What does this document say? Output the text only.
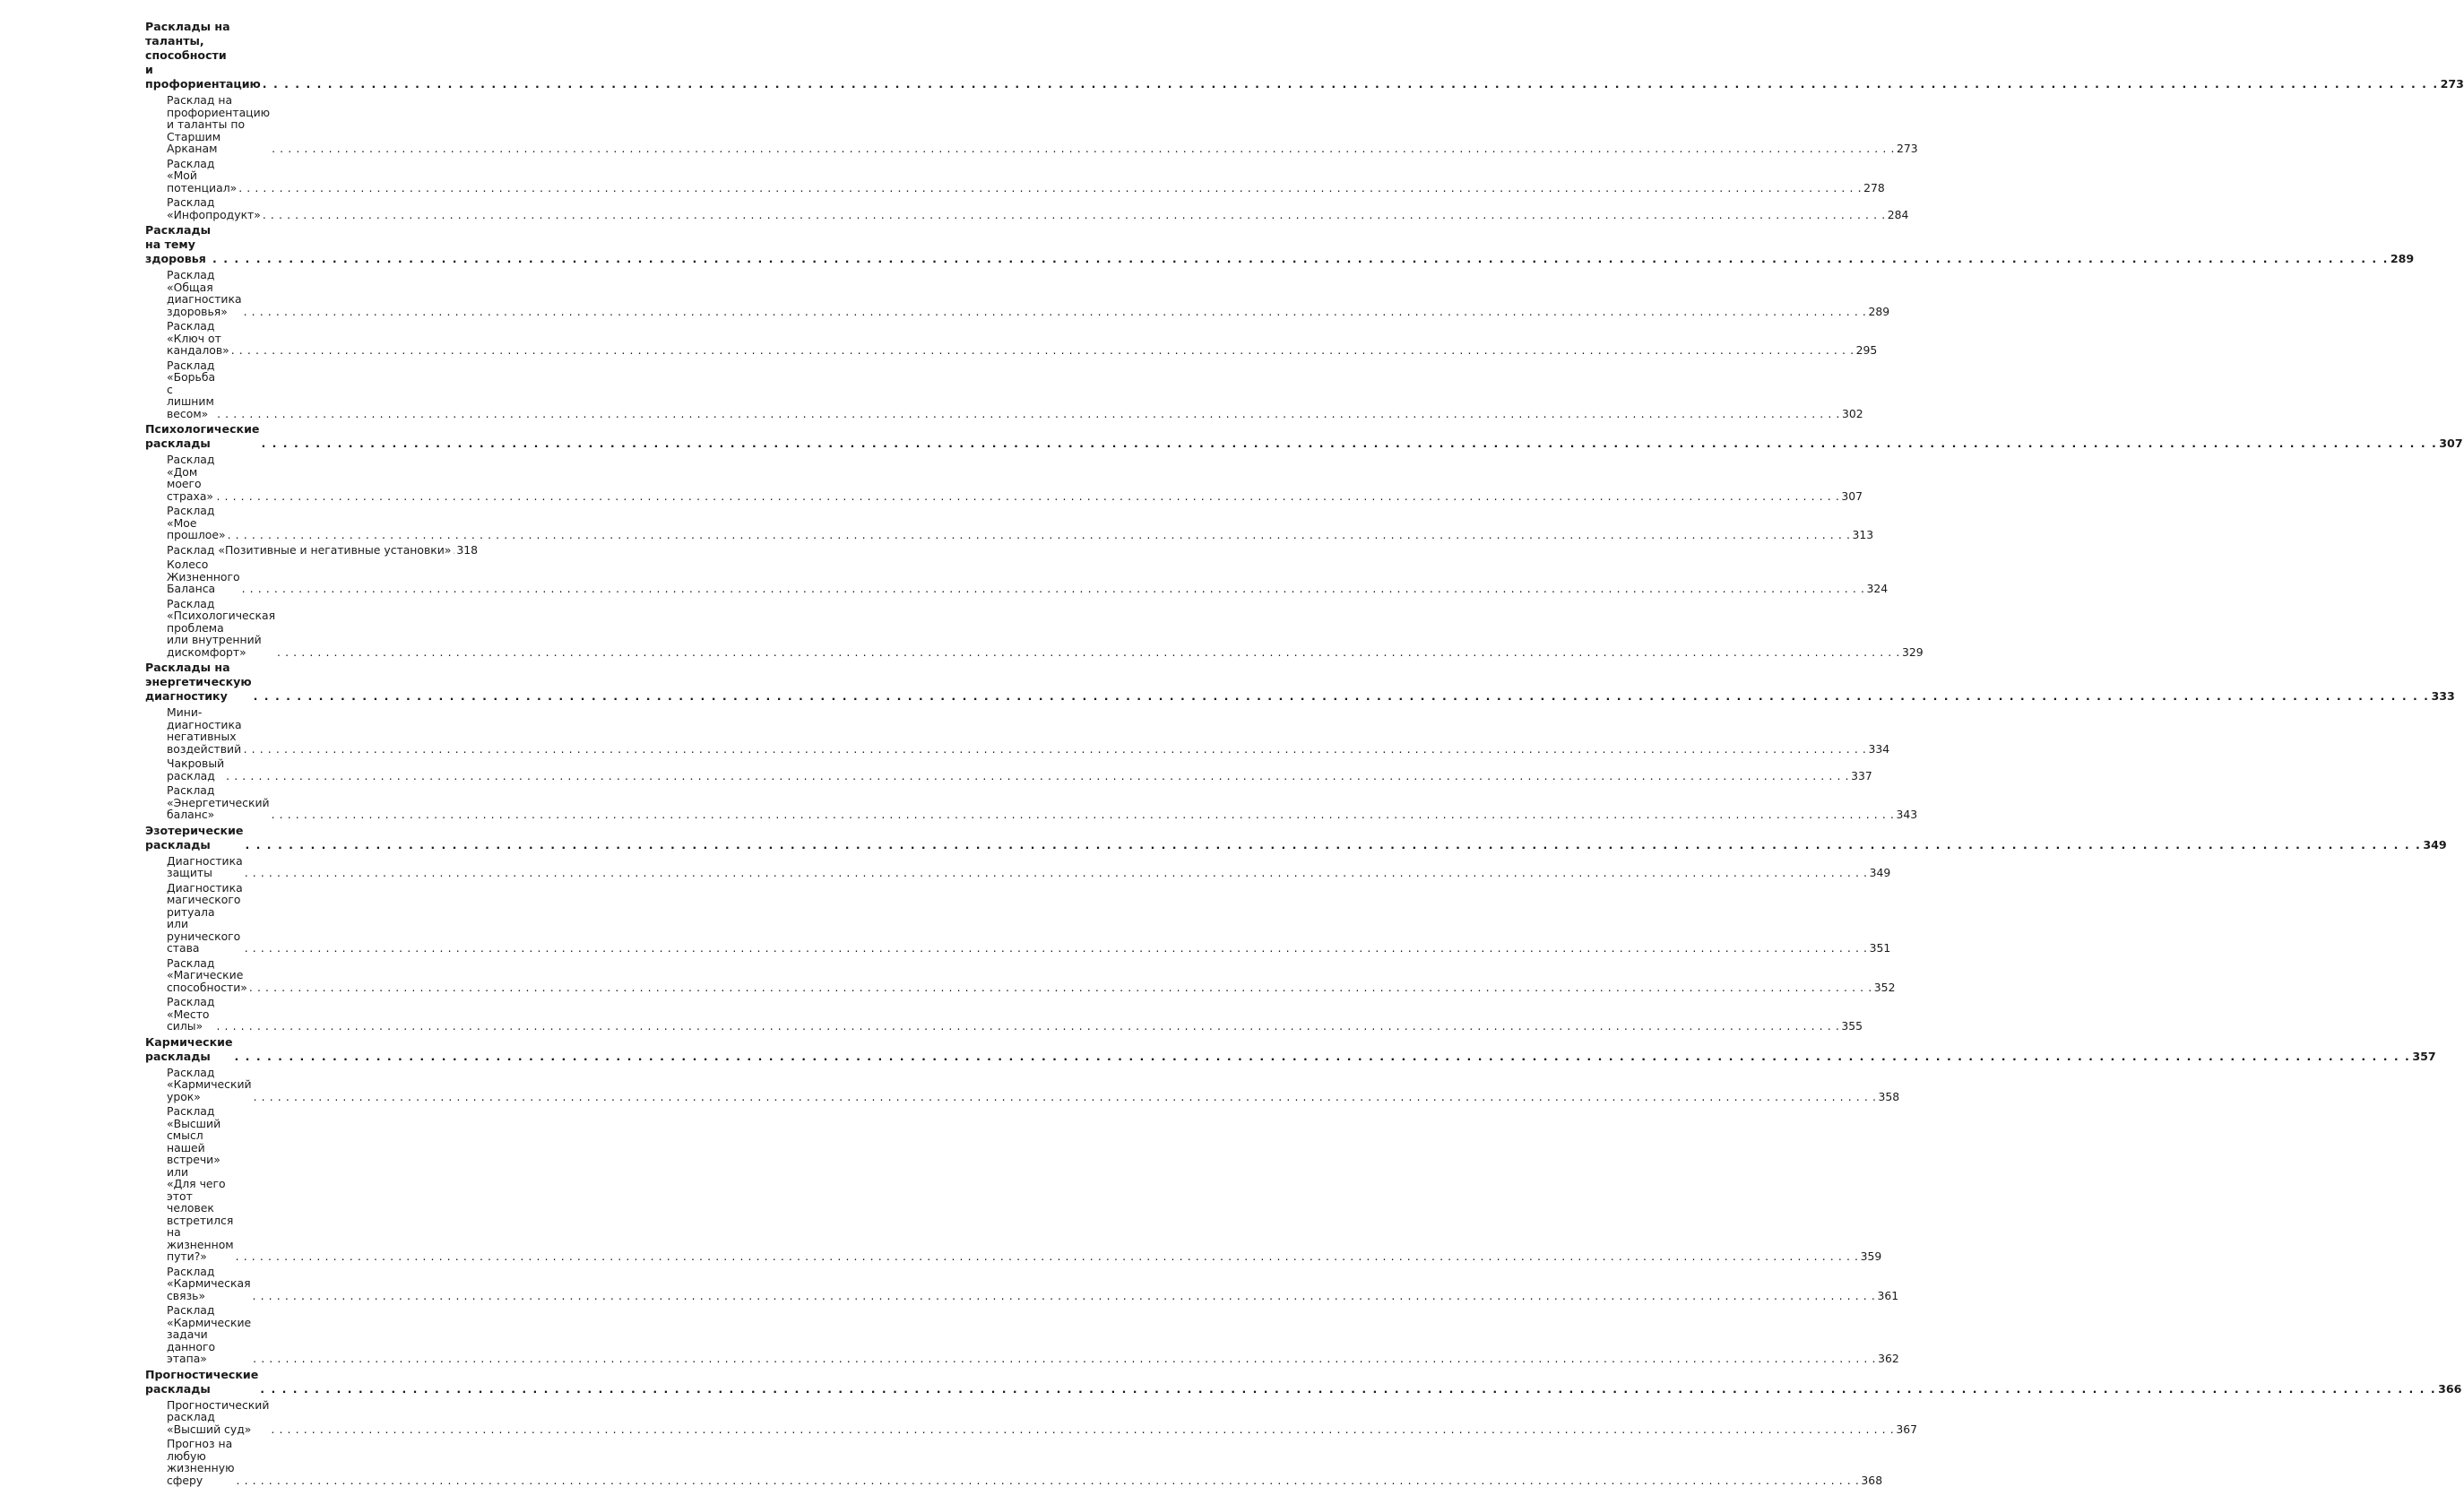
Расклады на таланты, способности
и профориентацию . . . . . . . . . . . . . . . . . . . . . . . . . . . . . . . . . . . . . . . . . . . . . . . . . . . . . . . . . . . . . . . . . . . . . . . . . . . . . . . . . . . . . . . . . . . . . . . . . . . . . . . . . . . . . . . . . . . . . . . . . . . . . . . . . . . . . . . . . . . . . . . . . . . . . . . . . . . . . . . . . . . . . . . . . . . . . . . . . . . . . . . . . . . . . . . . . . . . . . . . 273
Расклад на профориентацию
и таланты по Старшим Арканам	. . . . . . . . . . . . . . . . . . . . . . . . . . . . . . . . . . . . . . . . . . . . . . . . . . . . . . . . . . . . . . . . . . . . . . . . . . . . . . . . . . . . . . . . . . . . . . . . . . . . . . . . . . . . . . . . . . . . . . . . . . . . . . . . . . . . . . . . . . . . . . . . . . . . . . . . . . . . . . . . . . . . . . . . . . . . . . . . . . . . . . . . . . . . . . . . . . . . . . . . 273
Расклад «Мой потенциал» . . . . . . . . . . . . . . . . . . . . . . . . . . . . . . . . . . . . . . . . . . . . . . . . . . . . . . . . . . . . . . . . . . . . . . . . . . . . . . . . . . . . . . . . . . . . . . . . . . . . . . . . . . . . . . . . . . . . . . . . . . . . . . . . . . . . . . . . . . . . . . . . . . . . . . . . . . . . . . . . . . . . . . . . . . . . . . . . . . . . . . . . . . . . . . . . . . . . . . . . 278
Расклад «Инфопродукт» . . . . . . . . . . . . . . . . . . . . . . . . . . . . . . . . . . . . . . . . . . . . . . . . . . . . . . . . . . . . . . . . . . . . . . . . . . . . . . . . . . . . . . . . . . . . . . . . . . . . . . . . . . . . . . . . . . . . . . . . . . . . . . . . . . . . . . . . . . . . . . . . . . . . . . . . . . . . . . . . . . . . . . . . . . . . . . . . . . . . . . . . . . . . . . . . . . . . . . . . 284
Расклады на тему здоровья . . . . . . . . . . . . . . . . . . . . . . . . . . . . . . . . . . . . . . . . . . . . . . . . . . . . . . . . . . . . . . . . . . . . . . . . . . . . . . . . . . . . . . . . . . . . . . . . . . . . . . . . . . . . . . . . . . . . . . . . . . . . . . . . . . . . . . . . . . . . . . . . . . . . . . . . . . . . . . . . . . . . . . . . . . . . . . . . . . . . . . . . . . . . . . . . . . . . . . . . 289
Расклад «Общая диагностика здоровья»	. . . . . . . . . . . . . . . . . . . . . . . . . . . . . . . . . . . . . . . . . . . . . . . . . . . . . . . . . . . . . . . . . . . . . . . . . . . . . . . . . . . . . . . . . . . . . . . . . . . . . . . . . . . . . . . . . . . . . . . . . . . . . . . . . . . . . . . . . . . . . . . . . . . . . . . . . . . . . . . . . . . . . . . . . . . . . . . . . . . . . . . . . . . . . . . . . . . . . . . . 289
Расклад «Ключ от кандалов» . . . . . . . . . . . . . . . . . . . . . . . . . . . . . . . . . . . . . . . . . . . . . . . . . . . . . . . . . . . . . . . . . . . . . . . . . . . . . . . . . . . . . . . . . . . . . . . . . . . . . . . . . . . . . . . . . . . . . . . . . . . . . . . . . . . . . . . . . . . . . . . . . . . . . . . . . . . . . . . . . . . . . . . . . . . . . . . . . . . . . . . . . . . . . . . . . . . . . . . . 295
Расклад «Борьба с лишним весом» . . . . . . . . . . . . . . . . . . . . . . . . . . . . . . . . . . . . . . . . . . . . . . . . . . . . . . . . . . . . . . . . . . . . . . . . . . . . . . . . . . . . . . . . . . . . . . . . . . . . . . . . . . . . . . . . . . . . . . . . . . . . . . . . . . . . . . . . . . . . . . . . . . . . . . . . . . . . . . . . . . . . . . . . . . . . . . . . . . . . . . . . . . . . . . . . . . . . . . . . 302
Психологические расклады	. . . . . . . . . . . . . . . . . . . . . . . . . . . . . . . . . . . . . . . . . . . . . . . . . . . . . . . . . . . . . . . . . . . . . . . . . . . . . . . . . . . . . . . . . . . . . . . . . . . . . . . . . . . . . . . . . . . . . . . . . . . . . . . . . . . . . . . . . . . . . . . . . . . . . . . . . . . . . . . . . . . . . . . . . . . . . . . . . . . . . . . . . . . . . . . . . . . . . . . . 307
Расклад «Дом моего страха» . . . . . . . . . . . . . . . . . . . . . . . . . . . . . . . . . . . . . . . . . . . . . . . . . . . . . . . . . . . . . . . . . . . . . . . . . . . . . . . . . . . . . . . . . . . . . . . . . . . . . . . . . . . . . . . . . . . . . . . . . . . . . . . . . . . . . . . . . . . . . . . . . . . . . . . . . . . . . . . . . . . . . . . . . . . . . . . . . . . . . . . . . . . . . . . . . . . . . . . . 307
Расклад «Мое прошлое» . . . . . . . . . . . . . . . . . . . . . . . . . . . . . . . . . . . . . . . . . . . . . . . . . . . . . . . . . . . . . . . . . . . . . . . . . . . . . . . . . . . . . . . . . . . . . . . . . . . . . . . . . . . . . . . . . . . . . . . . . . . . . . . . . . . . . . . . . . . . . . . . . . . . . . . . . . . . . . . . . . . . . . . . . . . . . . . . . . . . . . . . . . . . . . . . . . . . . . . . 313
Расклад «Позитивные и негативные установки» 318
Колесо Жизненного Баланса	. . . . . . . . . . . . . . . . . . . . . . . . . . . . . . . . . . . . . . . . . . . . . . . . . . . . . . . . . . . . . . . . . . . . . . . . . . . . . . . . . . . . . . . . . . . . . . . . . . . . . . . . . . . . . . . . . . . . . . . . . . . . . . . . . . . . . . . . . . . . . . . . . . . . . . . . . . . . . . . . . . . . . . . . . . . . . . . . . . . . . . . . . . . . . . . . . . . . . . . . 324
Расклад «Психологическая проблема
или внутренний дискомфорт»	. . . . . . . . . . . . . . . . . . . . . . . . . . . . . . . . . . . . . . . . . . . . . . . . . . . . . . . . . . . . . . . . . . . . . . . . . . . . . . . . . . . . . . . . . . . . . . . . . . . . . . . . . . . . . . . . . . . . . . . . . . . . . . . . . . . . . . . . . . . . . . . . . . . . . . . . . . . . . . . . . . . . . . . . . . . . . . . . . . . . . . . . . . . . . . . . . . . . . . . . 329
Расклады на энергетическую диагностику	. . . . . . . . . . . . . . . . . . . . . . . . . . . . . . . . . . . . . . . . . . . . . . . . . . . . . . . . . . . . . . . . . . . . . . . . . . . . . . . . . . . . . . . . . . . . . . . . . . . . . . . . . . . . . . . . . . . . . . . . . . . . . . . . . . . . . . . . . . . . . . . . . . . . . . . . . . . . . . . . . . . . . . . . . . . . . . . . . . . . . . . . . . . . . . . . . . . . . . . . 333
Мини-диагностика негативных воздействий . . . . . . . . . . . . . . . . . . . . . . . . . . . . . . . . . . . . . . . . . . . . . . . . . . . . . . . . . . . . . . . . . . . . . . . . . . . . . . . . . . . . . . . . . . . . . . . . . . . . . . . . . . . . . . . . . . . . . . . . . . . . . . . . . . . . . . . . . . . . . . . . . . . . . . . . . . . . . . . . . . . . . . . . . . . . . . . . . . . . . . . . . . . . . . . . . . . . . . . . 334
Чакровый расклад . . . . . . . . . . . . . . . . . . . . . . . . . . . . . . . . . . . . . . . . . . . . . . . . . . . . . . . . . . . . . . . . . . . . . . . . . . . . . . . . . . . . . . . . . . . . . . . . . . . . . . . . . . . . . . . . . . . . . . . . . . . . . . . . . . . . . . . . . . . . . . . . . . . . . . . . . . . . . . . . . . . . . . . . . . . . . . . . . . . . . . . . . . . . . . . . . . . . . . . . 337
Расклад «Энергетический баланс»	. . . . . . . . . . . . . . . . . . . . . . . . . . . . . . . . . . . . . . . . . . . . . . . . . . . . . . . . . . . . . . . . . . . . . . . . . . . . . . . . . . . . . . . . . . . . . . . . . . . . . . . . . . . . . . . . . . . . . . . . . . . . . . . . . . . . . . . . . . . . . . . . . . . . . . . . . . . . . . . . . . . . . . . . . . . . . . . . . . . . . . . . . . . . . . . . . . . . . . . . 343
Эзотерические расклады	. . . . . . . . . . . . . . . . . . . . . . . . . . . . . . . . . . . . . . . . . . . . . . . . . . . . . . . . . . . . . . . . . . . . . . . . . . . . . . . . . . . . . . . . . . . . . . . . . . . . . . . . . . . . . . . . . . . . . . . . . . . . . . . . . . . . . . . . . . . . . . . . . . . . . . . . . . . . . . . . . . . . . . . . . . . . . . . . . . . . . . . . . . . . . . . . . . . . . . . . 349
Диагностика защиты	. . . . . . . . . . . . . . . . . . . . . . . . . . . . . . . . . . . . . . . . . . . . . . . . . . . . . . . . . . . . . . . . . . . . . . . . . . . . . . . . . . . . . . . . . . . . . . . . . . . . . . . . . . . . . . . . . . . . . . . . . . . . . . . . . . . . . . . . . . . . . . . . . . . . . . . . . . . . . . . . . . . . . . . . . . . . . . . . . . . . . . . . . . . . . . . . . . . . . . . . 349
Диагностика магического ритуала
или рунического става	. . . . . . . . . . . . . . . . . . . . . . . . . . . . . . . . . . . . . . . . . . . . . . . . . . . . . . . . . . . . . . . . . . . . . . . . . . . . . . . . . . . . . . . . . . . . . . . . . . . . . . . . . . . . . . . . . . . . . . . . . . . . . . . . . . . . . . . . . . . . . . . . . . . . . . . . . . . . . . . . . . . . . . . . . . . . . . . . . . . . . . . . . . . . . . . . . . . . . . . . 351
Расклад «Магические способности» . . . . . . . . . . . . . . . . . . . . . . . . . . . . . . . . . . . . . . . . . . . . . . . . . . . . . . . . . . . . . . . . . . . . . . . . . . . . . . . . . . . . . . . . . . . . . . . . . . . . . . . . . . . . . . . . . . . . . . . . . . . . . . . . . . . . . . . . . . . . . . . . . . . . . . . . . . . . . . . . . . . . . . . . . . . . . . . . . . . . . . . . . . . . . . . . . . . . . . . . 352
Расклад «Место силы»	. . . . . . . . . . . . . . . . . . . . . . . . . . . . . . . . . . . . . . . . . . . . . . . . . . . . . . . . . . . . . . . . . . . . . . . . . . . . . . . . . . . . . . . . . . . . . . . . . . . . . . . . . . . . . . . . . . . . . . . . . . . . . . . . . . . . . . . . . . . . . . . . . . . . . . . . . . . . . . . . . . . . . . . . . . . . . . . . . . . . . . . . . . . . . . . . . . . . . . . . 355
Кармические расклады	. . . . . . . . . . . . . . . . . . . . . . . . . . . . . . . . . . . . . . . . . . . . . . . . . . . . . . . . . . . . . . . . . . . . . . . . . . . . . . . . . . . . . . . . . . . . . . . . . . . . . . . . . . . . . . . . . . . . . . . . . . . . . . . . . . . . . . . . . . . . . . . . . . . . . . . . . . . . . . . . . . . . . . . . . . . . . . . . . . . . . . . . . . . . . . . . . . . . . . . . 357
Расклад «Кармический урок»	. . . . . . . . . . . . . . . . . . . . . . . . . . . . . . . . . . . . . . . . . . . . . . . . . . . . . . . . . . . . . . . . . . . . . . . . . . . . . . . . . . . . . . . . . . . . . . . . . . . . . . . . . . . . . . . . . . . . . . . . . . . . . . . . . . . . . . . . . . . . . . . . . . . . . . . . . . . . . . . . . . . . . . . . . . . . . . . . . . . . . . . . . . . . . . . . . . . . . . . . 358
Расклад «Высший смысл нашей встречи» или
«Для чего этот человек встретился
на жизненном пути?»	. . . . . . . . . . . . . . . . . . . . . . . . . . . . . . . . . . . . . . . . . . . . . . . . . . . . . . . . . . . . . . . . . . . . . . . . . . . . . . . . . . . . . . . . . . . . . . . . . . . . . . . . . . . . . . . . . . . . . . . . . . . . . . . . . . . . . . . . . . . . . . . . . . . . . . . . . . . . . . . . . . . . . . . . . . . . . . . . . . . . . . . . . . . . . . . . . . . . . . . . 359
Расклад «Кармическая связь»	. . . . . . . . . . . . . . . . . . . . . . . . . . . . . . . . . . . . . . . . . . . . . . . . . . . . . . . . . . . . . . . . . . . . . . . . . . . . . . . . . . . . . . . . . . . . . . . . . . . . . . . . . . . . . . . . . . . . . . . . . . . . . . . . . . . . . . . . . . . . . . . . . . . . . . . . . . . . . . . . . . . . . . . . . . . . . . . . . . . . . . . . . . . . . . . . . . . . . . . . 361
Расклад «Кармические задачи данного этапа»	. . . . . . . . . . . . . . . . . . . . . . . . . . . . . . . . . . . . . . . . . . . . . . . . . . . . . . . . . . . . . . . . . . . . . . . . . . . . . . . . . . . . . . . . . . . . . . . . . . . . . . . . . . . . . . . . . . . . . . . . . . . . . . . . . . . . . . . . . . . . . . . . . . . . . . . . . . . . . . . . . . . . . . . . . . . . . . . . . . . . . . . . . . . . . . . . . . . . . . . . 362
Прогностические расклады	. . . . . . . . . . . . . . . . . . . . . . . . . . . . . . . . . . . . . . . . . . . . . . . . . . . . . . . . . . . . . . . . . . . . . . . . . . . . . . . . . . . . . . . . . . . . . . . . . . . . . . . . . . . . . . . . . . . . . . . . . . . . . . . . . . . . . . . . . . . . . . . . . . . . . . . . . . . . . . . . . . . . . . . . . . . . . . . . . . . . . . . . . . . . . . . . . . . . . . . . 366
Прогностический расклад «Высший суд»	. . . . . . . . . . . . . . . . . . . . . . . . . . . . . . . . . . . . . . . . . . . . . . . . . . . . . . . . . . . . . . . . . . . . . . . . . . . . . . . . . . . . . . . . . . . . . . . . . . . . . . . . . . . . . . . . . . . . . . . . . . . . . . . . . . . . . . . . . . . . . . . . . . . . . . . . . . . . . . . . . . . . . . . . . . . . . . . . . . . . . . . . . . . . . . . . . . . . . . . . 367
Прогноз на любую жизненную сферу	. . . . . . . . . . . . . . . . . . . . . . . . . . . . . . . . . . . . . . . . . . . . . . . . . . . . . . . . . . . . . . . . . . . . . . . . . . . . . . . . . . . . . . . . . . . . . . . . . . . . . . . . . . . . . . . . . . . . . . . . . . . . . . . . . . . . . . . . . . . . . . . . . . . . . . . . . . . . . . . . . . . . . . . . . . . . . . . . . . . . . . . . . . . . . . . . . . . . . . . . 368
